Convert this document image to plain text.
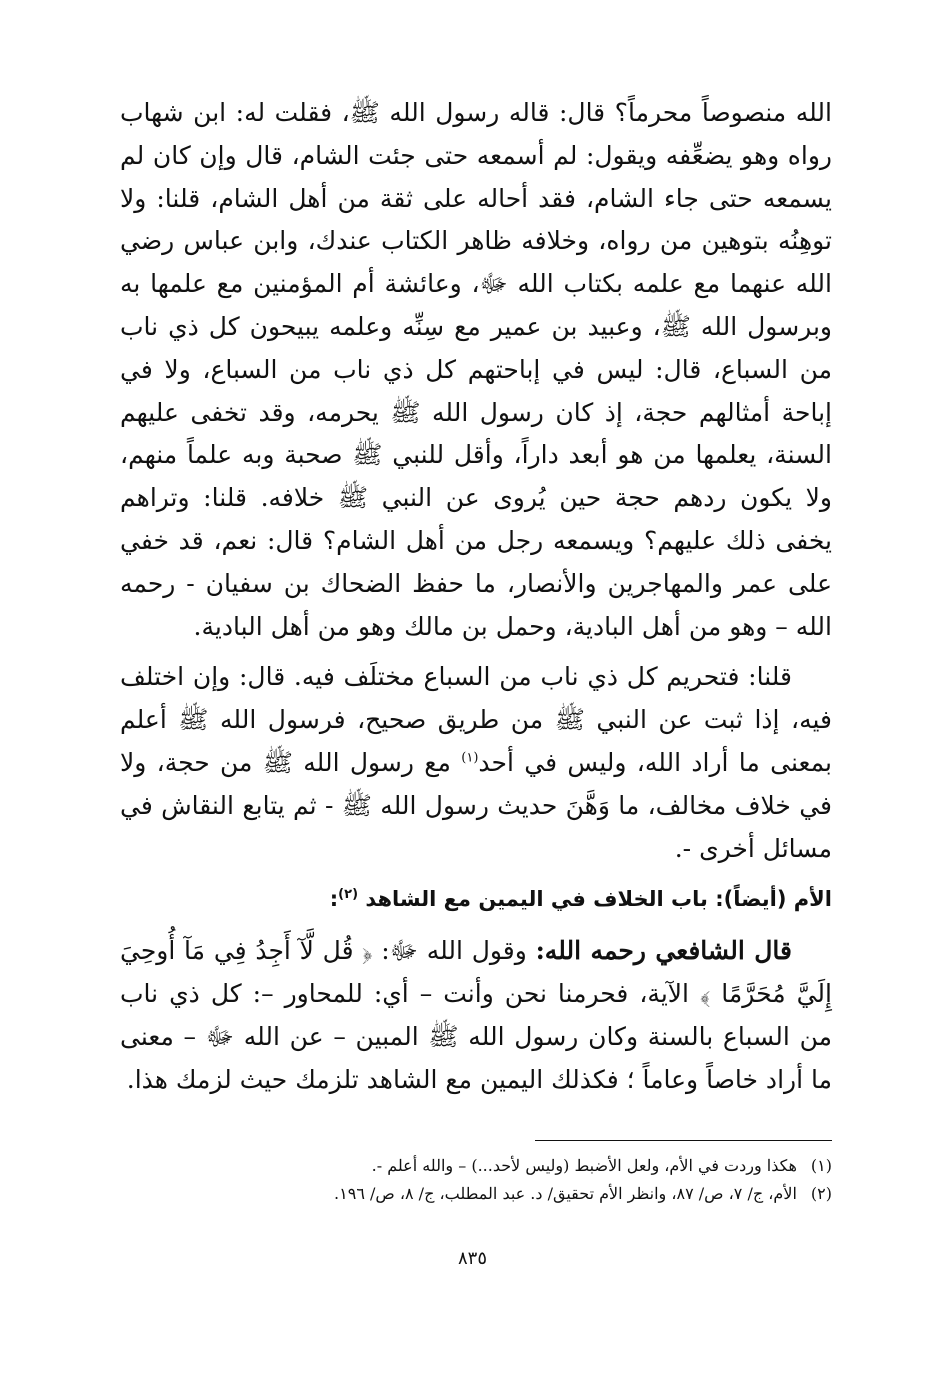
الله منصوصاً محرماً؟ قال: قاله رسول الله ﷺ، فقلت له: ابن شهاب رواه وهو يضعِّفه ويقول: لم أسمعه حتى جئت الشام، قال وإن كان لم يسمعه حتى جاء الشام، فقد أحاله على ثقة من أهل الشام، قلنا: ولا توهِنُه بتوهين من رواه، وخلافه ظاهر الكتاب عندك، وابن عباس رضي الله عنهما مع علمه بكتاب الله ﷻ، وعائشة أم المؤمنين مع علمها به وبرسول الله ﷺ، وعبيد بن عمير مع سِنِّه وعلمه يبيحون كل ذي ناب من السباع، قال: ليس في إباحتهم كل ذي ناب من السباع، ولا في إباحة أمثالهم حجة، إذ كان رسول الله ﷺ يحرمه، وقد تخفى عليهم السنة، يعلمها من هو أبعد داراً، وأقل للنبي ﷺ صحبة وبه علماً منهم، ولا يكون ردهم حجة حين يُروى عن النبي ﷺ خلافه. قلنا: وتراهم يخفى ذلك عليهم؟ ويسمعه رجل من أهل الشام؟ قال: نعم، قد خفي على عمر والمهاجرين والأنصار، ما حفظ الضحاك بن سفيان - رحمه الله – وهو من أهل البادية، وحمل بن مالك وهو من أهل البادية.

قلنا: فتحريم كل ذي ناب من السباع مختلَف فيه. قال: وإن اختلف فيه، إذا ثبت عن النبي ﷺ من طريق صحيح، فرسول الله ﷺ أعلم بمعنى ما أراد الله، وليس في أحد$^{(١)}$ مع رسول الله ﷺ من حجة، ولا في خلاف مخالف، ما وَهَّنَ حديث رسول الله ﷺ - ثم يتابع النقاش في مسائل أخرى -.

الأم (أيضاً): باب الخلاف في اليمين مع الشاهد $^{(٢)}$:

قال الشافعي رحمه الله: وقول الله ﷻ: ﴿ قُل لَّآ أَجِدُ فِي مَآ أُوحِيَ إِلَيَّ مُحَرَّمًا ﴾ الآية، فحرمنا نحن وأنت – أي: للمحاور –: كل ذي ناب من السباع بالسنة وكان رسول الله ﷺ المبين – عن الله ﷻ – معنى ما أراد خاصاً وعاماً ؛ فكذلك اليمين مع الشاهد تلزمك حيث لزمك هذا.

(١)هكذا وردت في الأم، ولعل الأضبط (وليس لأحد...) – والله أعلم -.

(٢)الأم، ج/ ٧، ص/ ٨٧، وانظر الأم تحقيق/ د. عبد المطلب، ج/ ٨، ص/ ١٩٦.

٨٣٥
